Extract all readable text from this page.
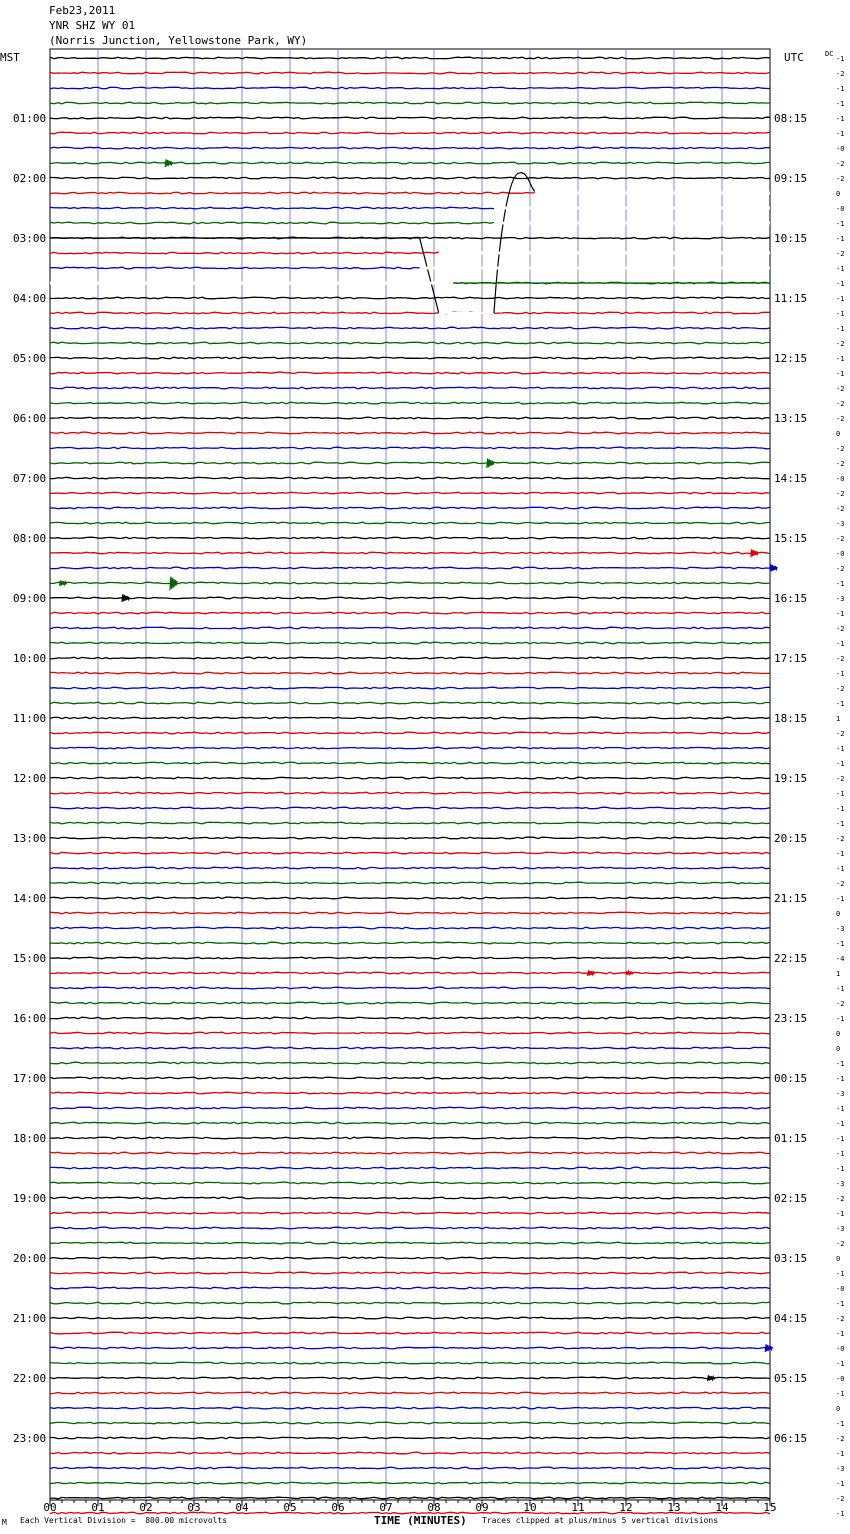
Feb23,2011
YNR SHZ WY 01
(Norris Junction, Yellowstone Park, WY)
MST	UTC
00	01	02	03	04	05	06	07	08	09	10	11	12	13	14	15
-1
-2
-1
-1
-1
-1
-0
-2
-2
0
-0
-1
-1
-2
-1
-1
-1
-1
-1
-2
-1
-1
-2
-2
-2
0
-2
-2
-0
-2
-2
-3
-2
-0
-2
-1
-3
-1
-2
-1
-2
-1
-2
-1
1
-2
-1
-1
-2
-1
-1
-1
-2
-1
-1
-2
-1
0
-3
-1
-4
1
-1
-2
-1
0
0
-1
-1
-3
-1
-1
-1
-1
-1
-3
-2
-1
-3
-2
0
-1
-0
-1
-2
-1
-0
-1
-0
-1
0
-1
-2
-1
-3
-1
-2
-1
01:00
02:00
03:00
04:00
05:00
06:00
07:00
08:00
09:00
10:00
11:00
12:00
13:00
14:00
15:00
16:00
17:00
18:00
19:00
20:00
21:00
22:00
23:00
08:15
09:15
10:15
11:15
12:15
13:15
14:15
15:15
16:15
17:15
18:15
19:15
20:15
21:15
22:15
23:15
00:15
01:15
02:15
03:15
04:15
05:15
06:15
DC
M Each Vertical Division =  800.00 microvolts	TIME (MINUTES) Traces clipped at plus/minus 5 vertical divisions
